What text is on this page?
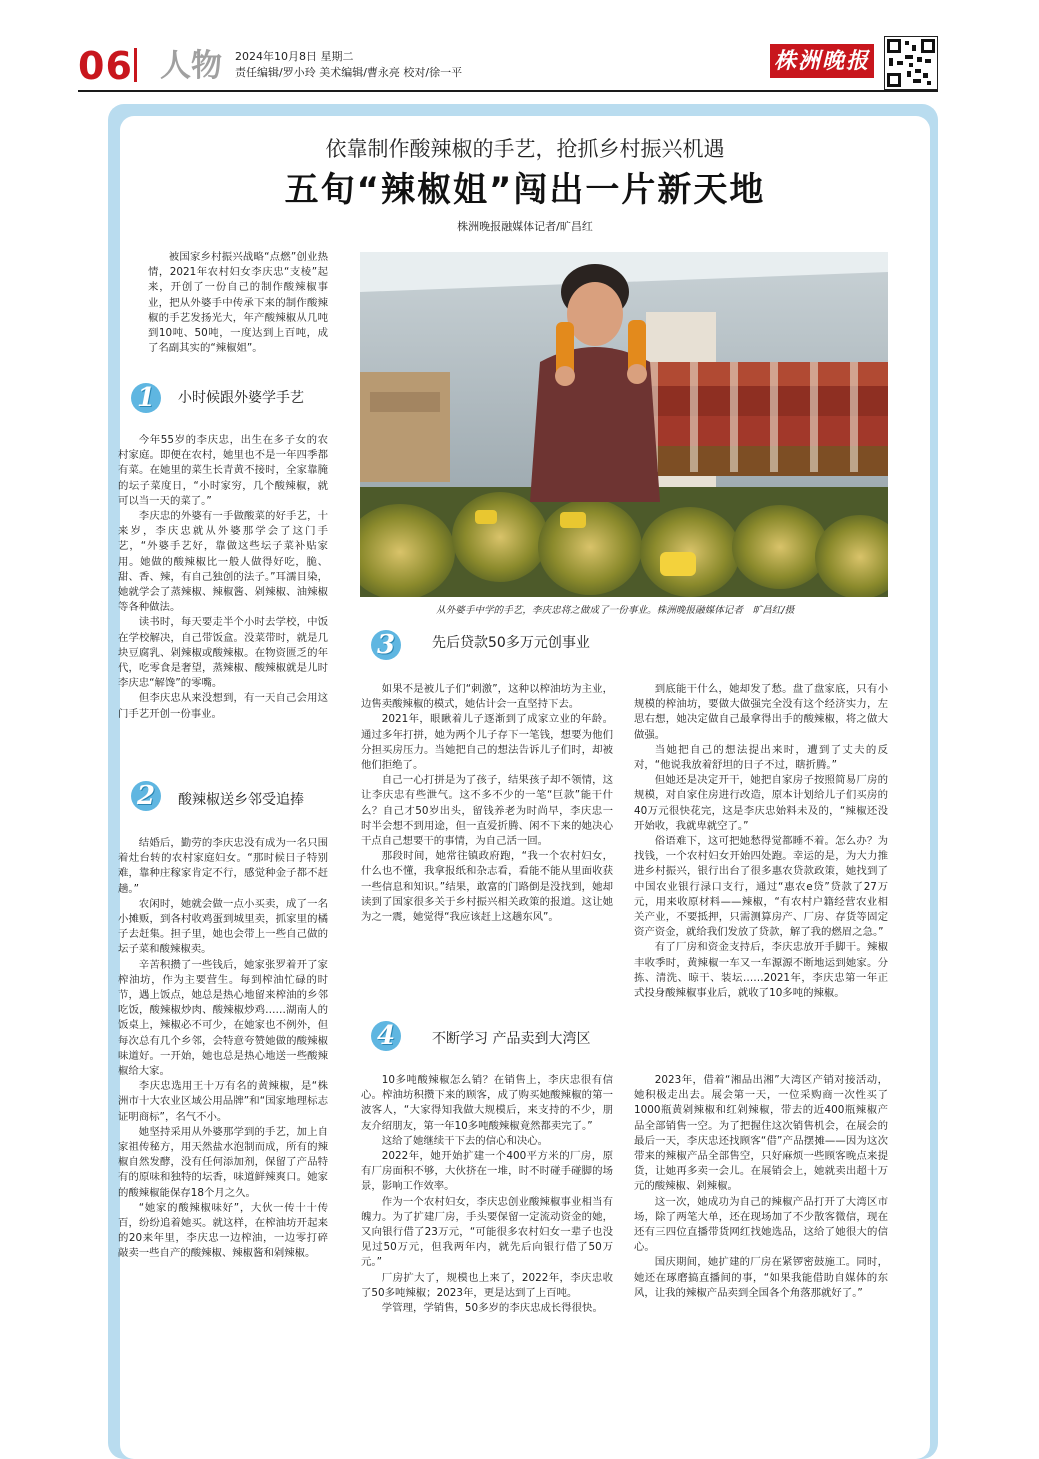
06 人物 2024年10月8日 星期二
责任编辑/罗小玲 美术编辑/曹永亮 校对/徐一平	株洲晚报
依靠制作酸辣椒的手艺，抢抓乡村振兴机遇
五旬“辣椒姐”闯出一片新天地
株洲晚报融媒体记者/旷昌红
从外婆手中学的手艺，李庆忠将之做成了一份事业。株洲晚报融媒体记者　旷昌红/摄

被国家乡村振兴战略“点燃”创业热情，2021年农村妇女李庆忠“支棱”起来，开创了一份自己的制作酸辣椒事业，把从外婆手中传承下来的制作酸辣椒的手艺发扬光大，年产酸辣椒从几吨到10吨、50吨，一度达到上百吨，成了名副其实的“辣椒姐”。

1	小时候跟外婆学手艺

今年55岁的李庆忠，出生在多子女的农村家庭。即便在农村，她里也不是一年四季都有菜。在她里的菜生长青黄不接时，全家靠腌的坛子菜度日，“小时家穷，几个酸辣椒，就可以当一天的菜了。”

李庆忠的外婆有一手做酸菜的好手艺，十来岁，李庆忠就从外婆那学会了这门手艺，“外婆手艺好，靠做这些坛子菜补贴家用。她做的酸辣椒比一般人做得好吃，脆、甜、香、辣，有自己独创的法子。”耳濡目染，她就学会了蒸辣椒、辣椒酱、剁辣椒、油辣椒等各种做法。

读书时，每天要走半个小时去学校，中饭在学校解决，自己带饭盒。没菜带时，就是几块豆腐乳、剁辣椒或酸辣椒。在物资匮乏的年代，吃零食是奢望，蒸辣椒、酸辣椒就是儿时李庆忠“解馋”的零嘴。

但李庆忠从来没想到，有一天自己会用这门手艺开创一份事业。

2	酸辣椒送乡邻受追捧

结婚后，勤劳的李庆忠没有成为一名只围着灶台转的农村家庭妇女。“那时候日子特别难，靠种庄稼家肯定不行，感觉种金子都不赶趟。”

农闲时，她就会做一点小买卖，成了一名小摊贩，到各村收鸡蛋到城里卖，抓家里的橘子去赶集。担子里，她也会带上一些自己做的坛子菜和酸辣椒卖。

辛苦积攒了一些钱后，她家张罗着开了家榨油坊，作为主要营生。每到榨油忙碌的时节，遇上饭点，她总是热心地留来榨油的乡邻吃饭，酸辣椒炒肉、酸辣椒炒鸡……湖南人的饭桌上，辣椒必不可少，在她家也不例外，但每次总有几个乡邻，会特意夸赞她做的酸辣椒味道好。一开始，她也总是热心地送一些酸辣椒给大家。

李庆忠选用王十万有名的黄辣椒，是“株洲市十大农业区域公用品牌”和“国家地理标志证明商标”，名气不小。

她坚持采用从外婆那学到的手艺，加上自家祖传秘方，用天然盐水泡制而成，所有的辣椒自然发酵，没有任何添加剂，保留了产品特有的原味和独特的坛香，味道鲜辣爽口。她家的酸辣椒能保存18个月之久。

“她家的酸辣椒味好”，大伙一传十十传百，纷纷追着她买。就这样，在榨油坊开起来的20来年里，李庆忠一边榨油，一边零打碎敲卖一些自产的酸辣椒、辣椒酱和剁辣椒。

3	先后贷款50多万元创事业

如果不是被儿子们“刺激”，这种以榨油坊为主业，边售卖酸辣椒的模式，她估计会一直坚持下去。

2021年，眼瞅着儿子逐渐到了成家立业的年龄。通过多年打拼，她为两个儿子存下一笔钱，想要为他们分担买房压力。当她把自己的想法告诉儿子们时，却被他们拒绝了。

自己一心打拼是为了孩子，结果孩子却不领情，这让李庆忠有些泄气。这不多不少的一笔“巨款”能干什么？自己才50岁出头，留钱养老为时尚早，李庆忠一时半会想不到用途，但一直爱折腾、闲不下来的她决心干点自己想要干的事情，为自己活一回。

那段时间，她常往镇政府跑，“我一个农村妇女，什么也不懂，我拿报纸和杂志看，看能不能从里面收获一些信息和知识。”结果，敢富的门路倒是没找到，她却读到了国家很多关于乡村振兴相关政策的报道。这让她为之一震，她觉得“我应该赶上这趟东风”。

到底能干什么，她却发了愁。盘了盘家底，只有小规模的榨油坊，要做大做强完全没有这个经济实力，左思右想，她决定做自己最拿得出手的酸辣椒，将之做大做强。

当她把自己的想法提出来时，遭到了丈夫的反对，“他说我放着舒坦的日子不过，瞎折腾。”

但她还是决定开干，她把自家房子按照简易厂房的规模，对自家住房进行改造，原本计划给儿子们买房的40万元很快花完，这是李庆忠始料未及的，“辣椒还没开始收，我就卑就空了。”

俗语难下，这可把她愁得觉都睡不着。怎么办？为找钱，一个农村妇女开始四处跑。幸运的是，为大力推进乡村振兴，银行出台了很多惠农贷款政策，她找到了中国农业银行渌口支行，通过“惠农e贷”贷款了27万元，用来收原材料——辣椒，“有农村户籍经营农业相关产业，不要抵押，只需测算房产、厂房、存货等固定资产资金，就给我们发放了贷款，解了我的燃眉之急。”

有了厂房和资金支持后，李庆忠放开手脚干。辣椒丰收季时，黄辣椒一车又一车源源不断地运到她家。分拣、清洗、晾干、装坛……2021年，李庆忠第一年正式投身酸辣椒事业后，就收了10多吨的辣椒。

4	不断学习 产品卖到大湾区

10多吨酸辣椒怎么销？在销售上，李庆忠很有信心。榨油坊积攒下来的顾客，成了购买她酸辣椒的第一波客人，“大家得知我做大规模后，来支持的不少，朋友介绍朋友，第一年10多吨酸辣椒竟然都卖完了。”

这给了她继续干下去的信心和决心。

2022年，她开始扩建一个400平方米的厂房，原有厂房面积不够，大伙挤在一堆，时不时碰手碰脚的场景，影响工作效率。

作为一个农村妇女，李庆忠创业酸辣椒事业相当有魄力。为了扩建厂房，手头要保留一定流动资金的她，又向银行借了23万元，“可能很多农村妇女一辈子也没见过50万元，但我两年内，就先后向银行借了50万元。”

厂房扩大了，规模也上来了，2022年，李庆忠收了50多吨辣椒；2023年，更是达到了上百吨。

学管理，学销售，50多岁的李庆忠成长得很快。

2023年，借着“湘品出湘”大湾区产销对接活动，她积极走出去。展会第一天，一位采购商一次性买了1000瓶黄剁辣椒和红剁辣椒，带去的近400瓶辣椒产品全部销售一空。为了把握住这次销售机会，在展会的最后一天，李庆忠还找顾客“借”产品摆摊——因为这次带来的辣椒产品全部售空，只好麻烦一些顾客晚点来提货，让她再多卖一会儿。在展销会上，她就卖出超十万元的酸辣椒、剁辣椒。

这一次，她成功为自己的辣椒产品打开了大湾区市场，除了两笔大单，还在现场加了不少散客微信，现在还有三四位直播带货网红找她选品，这给了她很大的信心。

国庆期间，她扩建的厂房在紧锣密鼓施工。同时，她还在琢磨搞直播间的事，“如果我能借助自媒体的东风，让我的辣椒产品卖到全国各个角落那就好了。”
